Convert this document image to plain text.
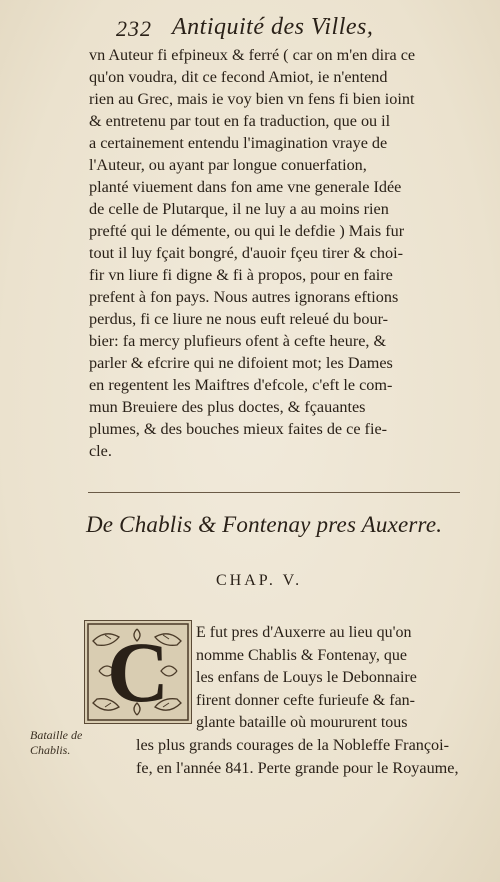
232 Antiquité des Villes,
vn Auteur fi efpineux & ferré ( car on m'en dira ce
qu'on voudra, dit ce fecond Amiot, ie n'entend
rien au Grec, mais ie voy bien vn fens fi bien ioint
& entretenu par tout en fa traduction, que ou il
a certainement entendu l'imagination vraye de
l'Auteur, ou ayant par longue conuerfation,
planté viuement dans fon ame vne generale Idée
de celle de Plutarque, il ne luy a au moins rien
prefté qui le démente, ou qui le defdie ) Mais fur
tout il luy fçait bongré, d'auoir fçeu tirer & choi-
fir vn liure fi digne & fi à propos, pour en faire
prefent à fon pays. Nous autres ignorans eftions
perdus, fi ce liure ne nous euft releué du bour-
bier: fa mercy plufieurs ofent à cefte heure, &
parler & efcrire qui ne difoient mot; les Dames
en regentent les Maiftres d'efcole, c'eft le com-
mun Breuiere des plus doctes, & fçauantes
plumes, & des bouches mieux faites de ce fie-
cle.
De Chablis & Fontenay pres Auxerre.
CHAP. V.
C E fut pres d'Auxerre au lieu qu'on
nomme Chablis & Fontenay, que
les enfans de Louys le Debonnaire
firent donner cefte furieufe & fan-
glante bataille où moururent tous
les plus grands courages de la Nobleffe Françoi-
fe, en l'année 841. Perte grande pour le Royaume,
Bataille de
Chablis.
